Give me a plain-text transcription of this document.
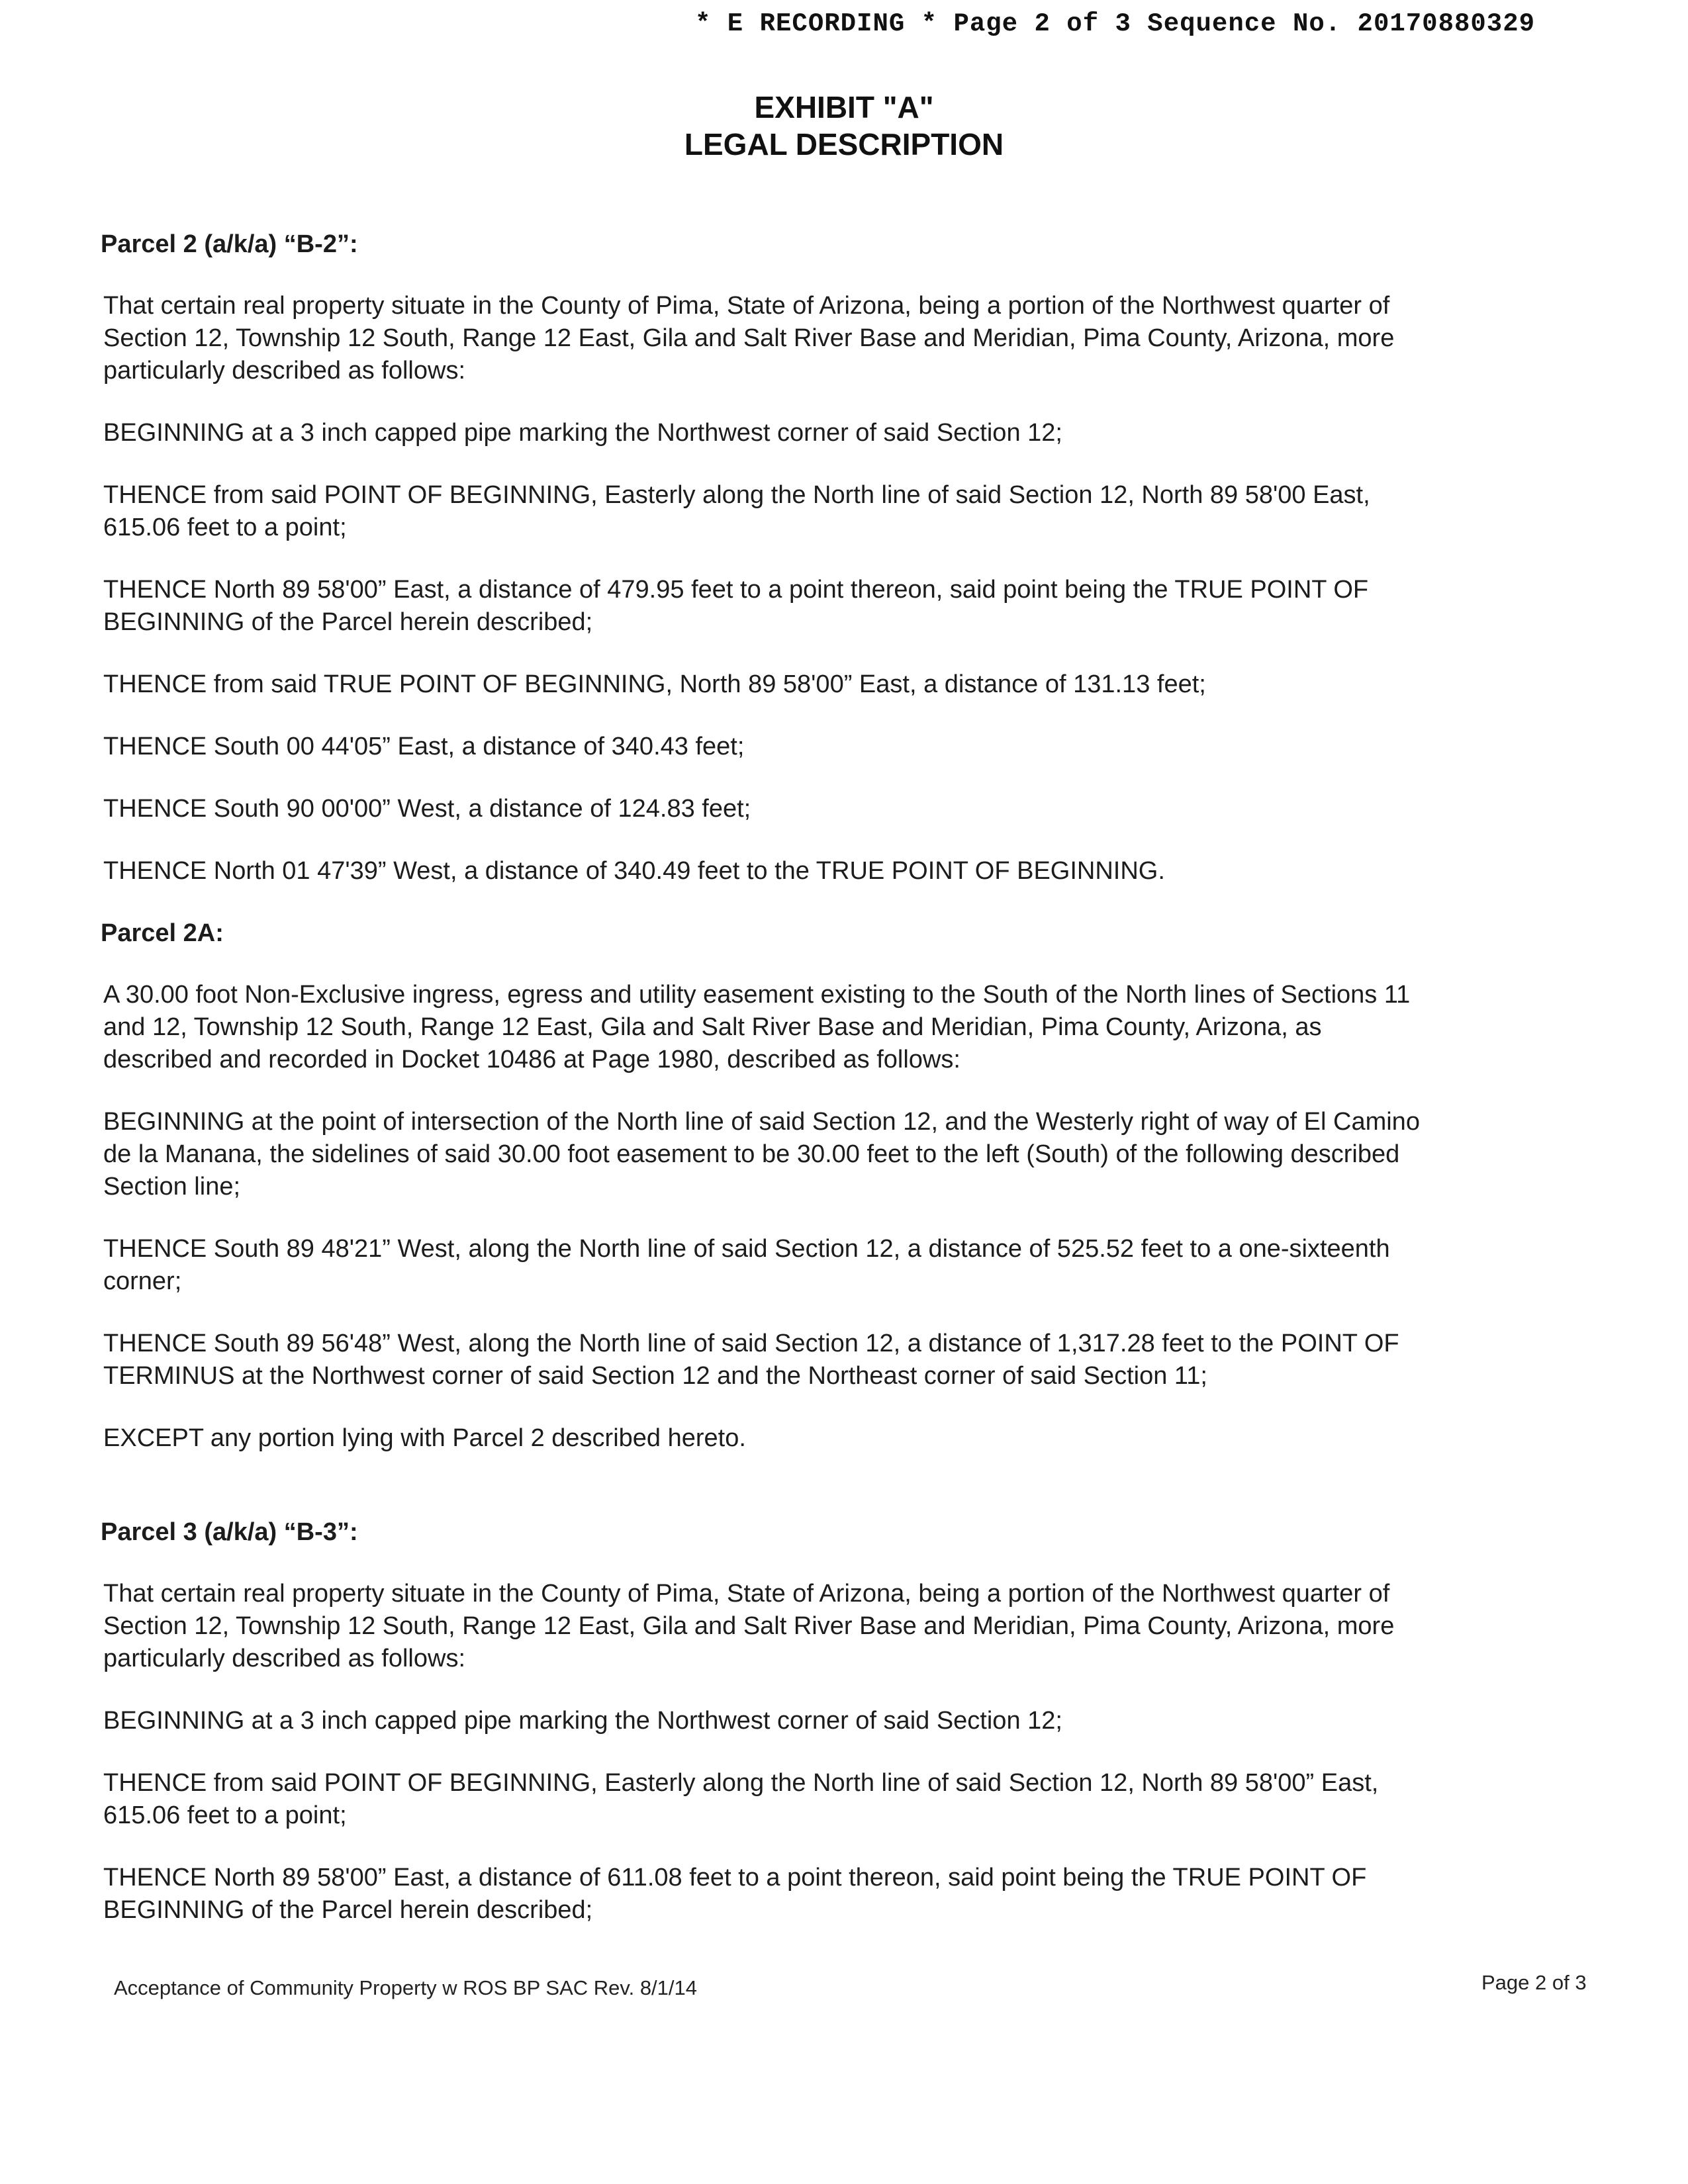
* E RECORDING * Page 2 of 3 Sequence No. 20170880329
EXHIBIT "A"
LEGAL DESCRIPTION
Parcel 2 (a/k/a) “B-2”:

That certain real property situate in the County of Pima, State of Arizona, being a portion of the Northwest quarter of Section 12, Township 12 South, Range 12 East, Gila and Salt River Base and Meridian, Pima County, Arizona, more particularly described as follows:

BEGINNING at a 3 inch capped pipe marking the Northwest corner of said Section 12;

THENCE from said POINT OF BEGINNING, Easterly along the North line of said Section 12, North 89 58'00 East, 615.06 feet to a point;

THENCE North 89 58'00” East, a distance of 479.95 feet to a point thereon, said point being the TRUE POINT OF BEGINNING of the Parcel herein described;

THENCE from said TRUE POINT OF BEGINNING, North 89 58'00” East, a distance of 131.13 feet;

THENCE South 00 44'05” East, a distance of 340.43 feet;

THENCE South 90 00'00” West, a distance of 124.83 feet;

THENCE North 01 47'39” West, a distance of 340.49 feet to the TRUE POINT OF BEGINNING.

Parcel 2A:

A 30.00 foot Non-Exclusive ingress, egress and utility easement existing to the South of the North lines of Sections 11 and 12, Township 12 South, Range 12 East, Gila and Salt River Base and Meridian, Pima County, Arizona, as described and recorded in Docket 10486 at Page 1980, described as follows:

BEGINNING at the point of intersection of the North line of said Section 12, and the Westerly right of way of El Camino de la Manana, the sidelines of said 30.00 foot easement to be 30.00 feet to the left (South) of the following described Section line;

THENCE South 89 48'21” West, along the North line of said Section 12, a distance of 525.52 feet to a one-sixteenth corner;

THENCE South 89 56'48” West, along the North line of said Section 12, a distance of 1,317.28 feet to the POINT OF TERMINUS at the Northwest corner of said Section 12 and the Northeast corner of said Section 11;

EXCEPT any portion lying with Parcel 2 described hereto.

Parcel 3 (a/k/a) “B-3”:

That certain real property situate in the County of Pima, State of Arizona, being a portion of the Northwest quarter of Section 12, Township 12 South, Range 12 East, Gila and Salt River Base and Meridian, Pima County, Arizona, more particularly described as follows:

BEGINNING at a 3 inch capped pipe marking the Northwest corner of said Section 12;

THENCE from said POINT OF BEGINNING, Easterly along the North line of said Section 12, North 89 58'00” East, 615.06 feet to a point;

THENCE North 89 58'00” East, a distance of 611.08 feet to a point thereon, said point being the TRUE POINT OF BEGINNING of the Parcel herein described;

Acceptance of Community Property w ROS BP SAC Rev. 8/1/14	Page 2 of 3
